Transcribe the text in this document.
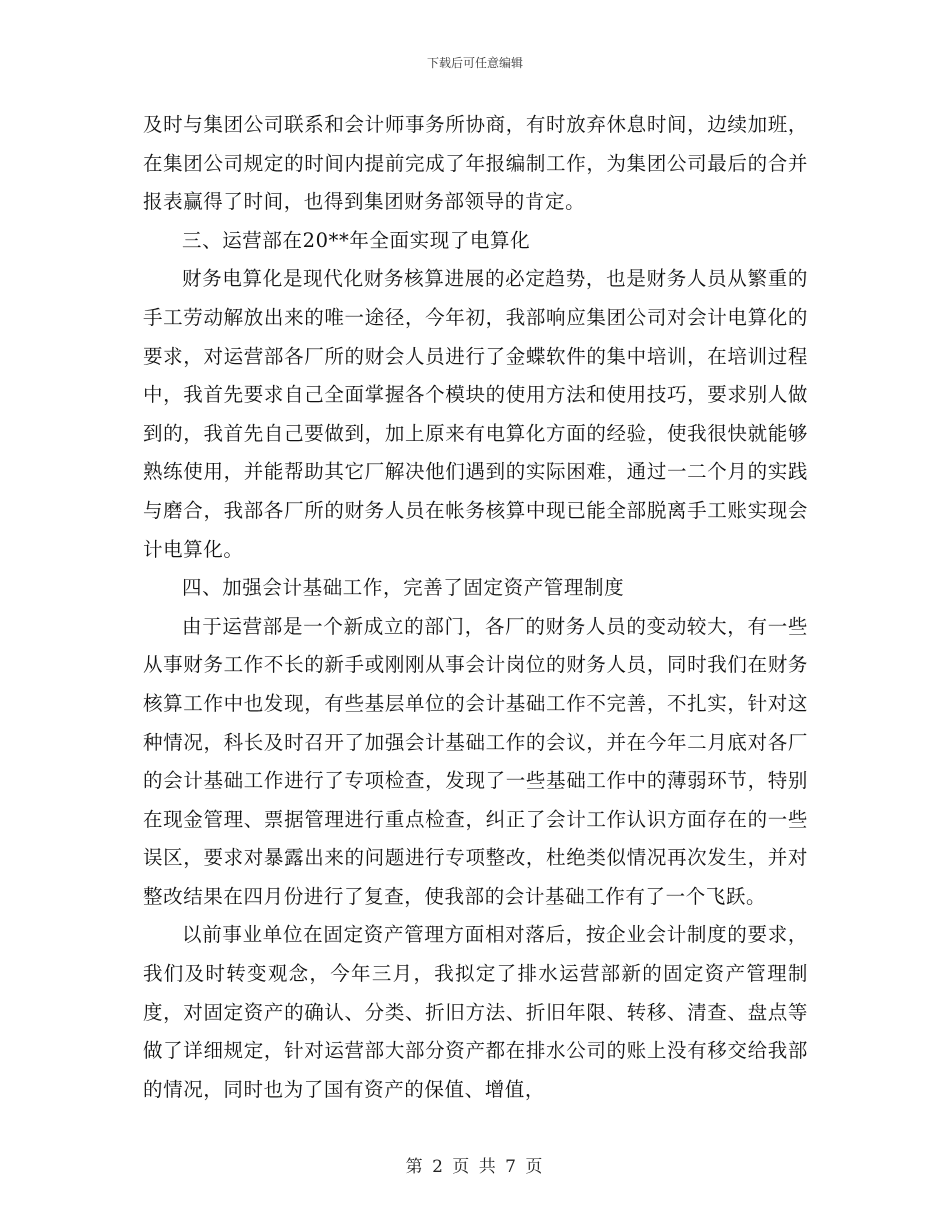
下载后可任意编辑

及时与集团公司联系和会计师事务所协商，有时放弃休息时间，边续加班，在集团公司规定的时间内提前完成了年报编制工作，为集团公司最后的合并报表赢得了时间，也得到集团财务部领导的肯定。

三、运营部在20**年全面实现了电算化

财务电算化是现代化财务核算进展的必定趋势，也是财务人员从繁重的手工劳动解放出来的唯一途径，今年初，我部响应集团公司对会计电算化的要求，对运营部各厂所的财会人员进行了金蝶软件的集中培训，在培训过程中，我首先要求自己全面掌握各个模块的使用方法和使用技巧，要求别人做到的，我首先自己要做到，加上原来有电算化方面的经验，使我很快就能够熟练使用，并能帮助其它厂解决他们遇到的实际困难，通过一二个月的实践与磨合，我部各厂所的财务人员在帐务核算中现已能全部脱离手工账实现会计电算化。

四、加强会计基础工作，完善了固定资产管理制度

由于运营部是一个新成立的部门，各厂的财务人员的变动较大，有一些从事财务工作不长的新手或刚刚从事会计岗位的财务人员，同时我们在财务核算工作中也发现，有些基层单位的会计基础工作不完善，不扎实，针对这种情况，科长及时召开了加强会计基础工作的会议，并在今年二月底对各厂的会计基础工作进行了专项检查，发现了一些基础工作中的薄弱环节，特别在现金管理、票据管理进行重点检查，纠正了会计工作认识方面存在的一些误区，要求对暴露出来的问题进行专项整改，杜绝类似情况再次发生，并对整改结果在四月份进行了复查，使我部的会计基础工作有了一个飞跃。

以前事业单位在固定资产管理方面相对落后，按企业会计制度的要求，我们及时转变观念，今年三月，我拟定了排水运营部新的固定资产管理制度，对固定资产的确认、分类、折旧方法、折旧年限、转移、清查、盘点等做了详细规定，针对运营部大部分资产都在排水公司的账上没有移交给我部的情况，同时也为了国有资产的保值、增值，

第 2 页 共 7 页
